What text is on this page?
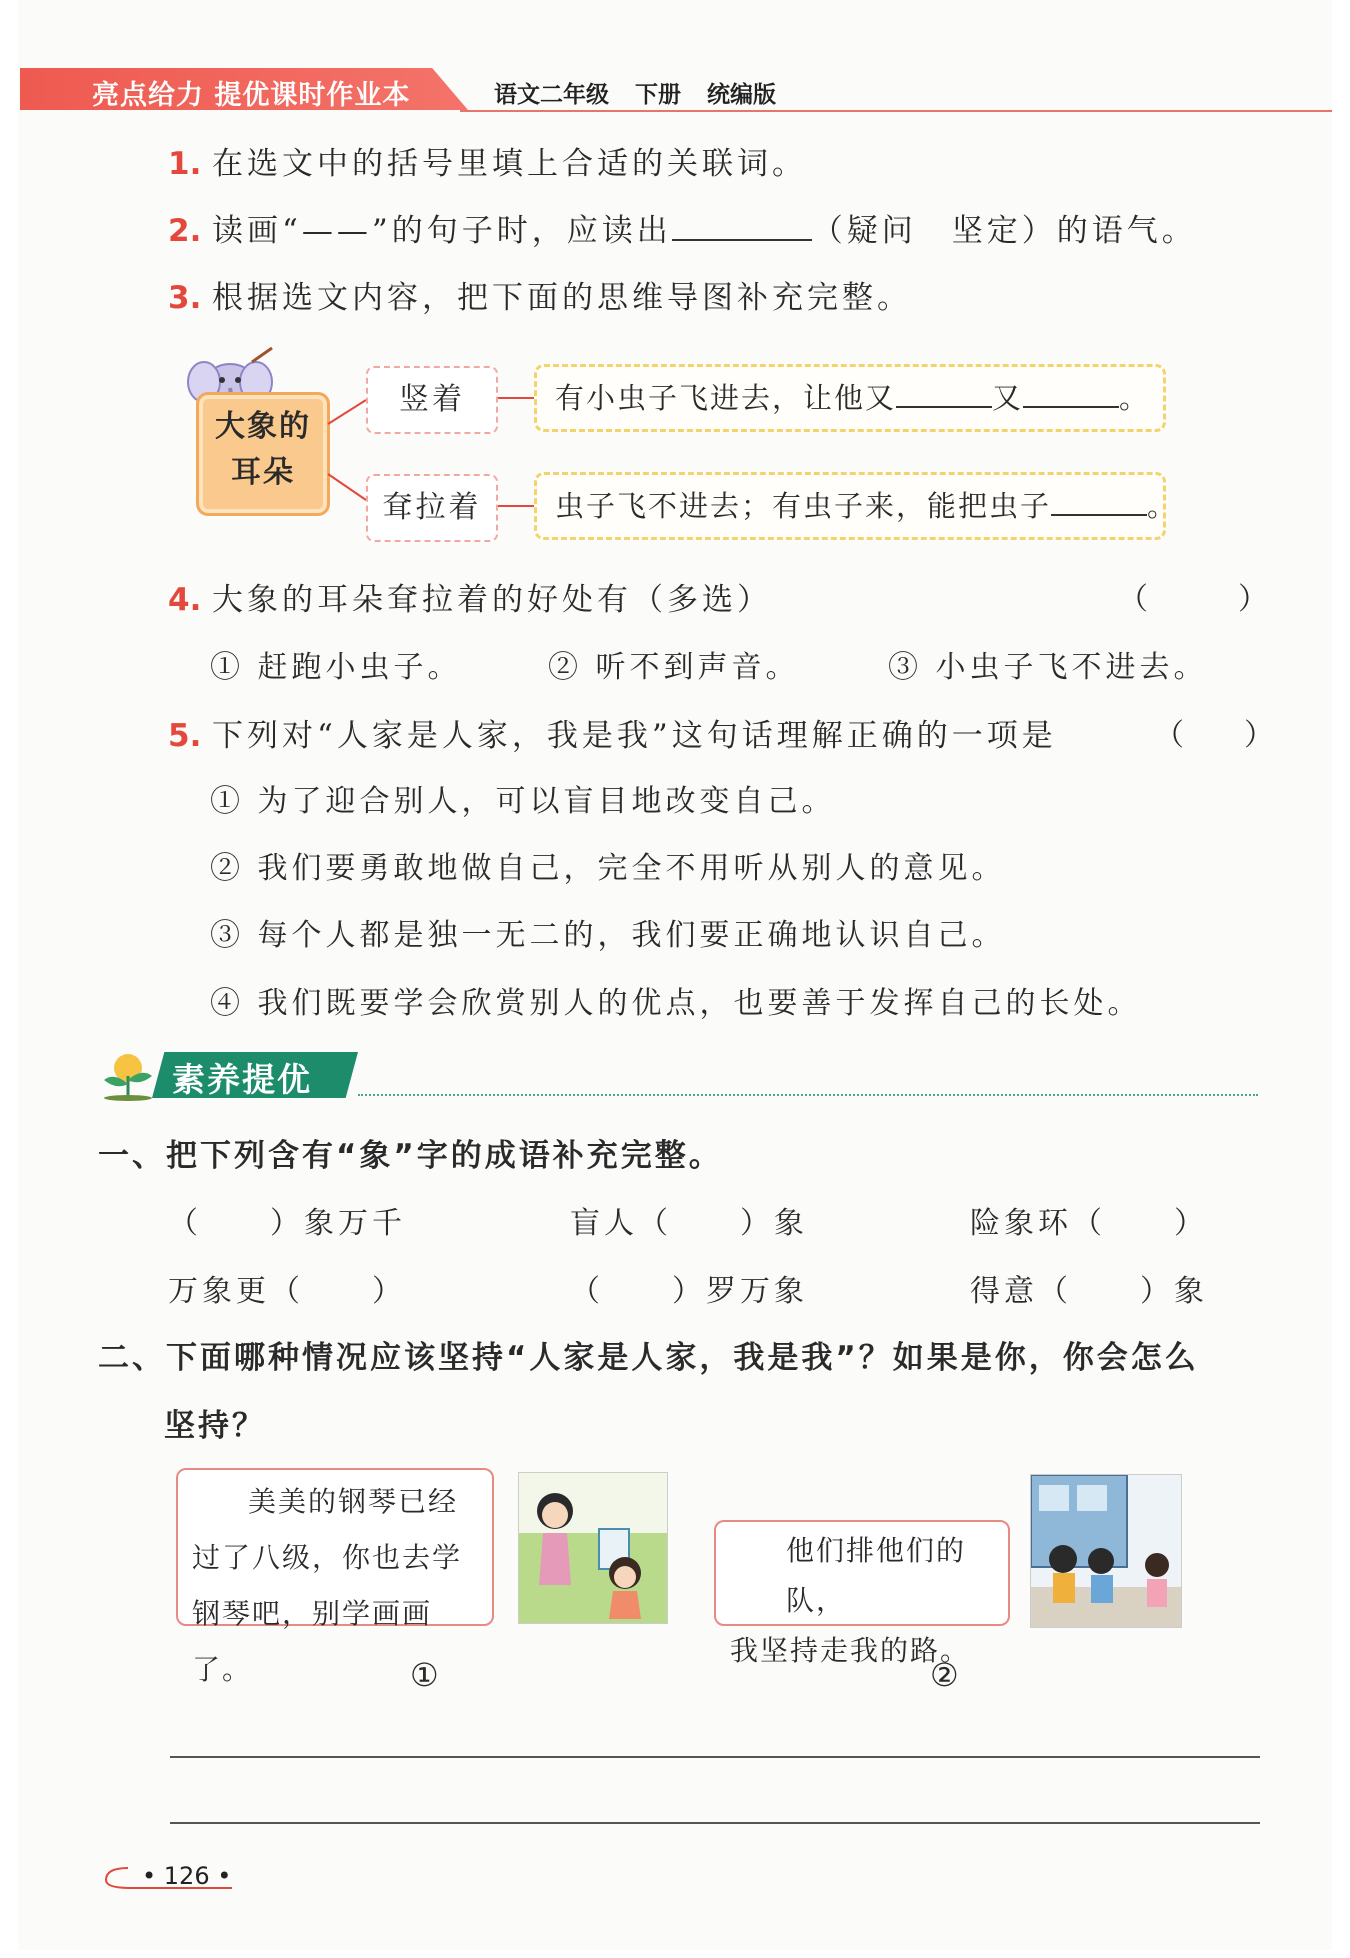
亮点给力 提优课时作业本	语文二年级 下册 统编版
1. 在选文中的括号里填上合适的关联词。
2. 读画“——”的句子时，应读出	（疑问　坚定）的语气。
3. 根据选文内容，把下面的思维导图补充完整。
大象的
耳朵
竖着
耷拉着
有小虫子飞进去，让他又	又	。
虫子飞不进去；有虫子来，能把虫子	。
4. 大象的耳朵耷拉着的好处有（多选）	（　　　）
① 赶跑小虫子。	② 听不到声音。	③ 小虫子飞不进去。
5. 下列对“人家是人家，我是我”这句话理解正确的一项是	（　　）
① 为了迎合别人，可以盲目地改变自己。
② 我们要勇敢地做自己，完全不用听从别人的意见。
③ 每个人都是独一无二的，我们要正确地认识自己。
④ 我们既要学会欣赏别人的优点，也要善于发挥自己的长处。
素养提优
一、把下列含有“象”字的成语补充完整。
（　　）象万千	盲人（　　）象	险象环（　　）
万象更（　　）	（　　）罗万象	得意（　　）象
二、下面哪种情况应该坚持“人家是人家，我是我”？如果是你，你会怎么
坚持？
美美的钢琴已经
过了八级，你也去学
钢琴吧，别学画画了。
他们排他们的队，
我坚持走我的路。
①	②
• 126 •
